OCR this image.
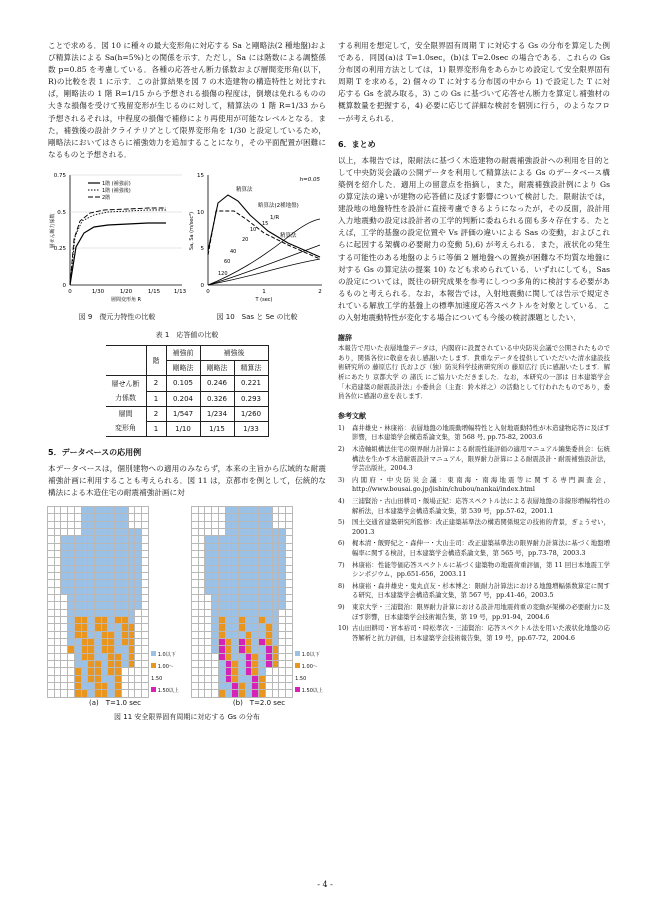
ことで求める．図 10 に種々の最大変形角に対応する Sa と剛略法(2 種地盤)および精算法による Sa(h=5%)との関係を示す．ただし，Sa には階数による調整係数 p=0.85 を考慮している．各種の応答せん断力係数および層間変形角(以下，R)の比較を表 1 に示す．この計算結果を図 7 の木造建物の構造特性と対比すれば，剛略法の 1 階 R=1/15 から予想される損傷の程度は，倒壊は免れるものの大きな損傷を受けて残留変形が生じるのに対して，精算法の 1 階 R=1/33 から予想されるそれは，中程度の損傷で補修により再使用が可能なレベルとなる．また，補強後の設計クライテリアとして限界変形角を 1/30 と設定しているため，剛略法においてはさらに補強効力を追加することになり，その平面配置が困難になるものと予想される．

0
0.25
0.5
0.75
0	1/30	1/20	1/15 1/13
層間変形角 R
層せん断力係数
1階 (補強前)
1階 (補強後)
2階
図 9　復元力特性の比較
0
5
10
15
0	1	2
T (sec)
Sa, Sa (m/sec²)
h=0.05
精算法
略算法(2種地盤)
1/R
15
10
精算法
20
40
60
120
図 10　Sas と Se の比較
表 1　応答値の比較
	階	補強前	補強後	
		剛略法	剛略法	精算法
層せん断	2	0.105	0.246	0.221
力係数	1	0.204	0.326	0.293
層間	2	1/547	1/234	1/260
変形角	1	1/10	1/15	1/33
5．データベースの応用例

本データベースは，個別建物への適用のみならず，本来の主旨から広域的な耐震補強計画に利用することも考えられる．図 11 は，京都市を例として，伝統的な構法による木造住宅の耐震補強計画に対

1.0以下
1.00～1.50
1.50以上
(a)　T=1.0 sec
1.0以下
1.00～1.50
1.50以上
(b)　T=2.0 sec
図 11 安全限界固有周期に対応する Gs の分布

する利用を想定して，安全限界固有周期 T に対応する Gs の分布を算定した例である．同図(a)は T=1.0sec，(b)は T=2.0sec の場合である．これらの Gs 分布図の利用方法としては，1) 限界変形角をあらかじめ設定して安全限界固有周期 T を求める，2) 個々の T に対する分布図の中から 1) で設定した T に対応する Gs を読み取る，3) この Gs に基づいて応答せん断力を算定し補強材の概算数量を把握する，4) 必要に応じて詳細な検討を個別に行う，のようなフローが考えられる．

6．まとめ

以上，本報告では，限耐法に基づく木造建物の耐震補強設計への利用を目的として中央防災会議の公開データを利用して精算法による Gs のデータベース構築例を紹介した．適用上の留意点を指摘し，また，耐震補強設計例により Gs の算定法の違いが建物の応答値に及ぼす影響について検討した．限耐法では，建設地の地盤特性を設計に直接考慮できるようになったが，その反面，設計用入力地震動の設定は設計者の工学的判断に委ねられる面も多々存在する．たとえば，工学的基盤の設定位置や Vs 評価の違いによる Sas の変動，およびこれらに起因する架構の必要耐力の変動 5),6) が考えられる．また，液状化の発生する可能性のある地盤のように等価 2 層地盤への置換が困難な不均質な地盤に対する Gs の算定法の提案 10) なども求められている．いずれにしても，Sas の設定については，既往の研究成果を参考にしつつ多角的に検討する必要があるものと考えられる．なお，本報告では，入射地震動に関しては告示で規定されている解放工学的基盤上の標準加速度応答スペクトルを対象としている．この入射地震動特性が変化する場合についても今後の検討課題としたい．

謝辞

本報告で用いた表層地盤データは，内閣府に設置されている中央防災会議で公開されたものであり，関係各位に敬意を表し感謝いたします．貴重なデータを提供していただいた清水建設技術研究所の 藤原広行 氏および（独）防災科学技術研究所の 藤原広行 氏に感謝いたします．解析にあたり 京都大学 の 諸氏 にご協力いただきました．なお，本研究の一部は 日本建築学会「木造建築の耐震設計法」小委員会（主査：鈴木祥之）の活動として行われたものであり，委員各位に感謝の意を表します．

参考文献
1)	森井雄史・林康裕：表層地盤の地震動増幅特性と入射地震動特性が木造建物応答に及ぼす影響，日本建築学会構造系論文集，第 568 号, pp.75-82, 2003.6
2)	木造軸組構法住宅の限界耐力計算による耐震性能評価の適用マニュアル編集委員会：伝統構法を生かす木造耐震設計マニュアル，限界耐力計算による耐震設計・耐震補強設計法，学芸出版社，2004.3
3)	内閣府・中央防災会議：東南海・南海地震等に関する専門調査会，http://www.bousai.go.jp/jishin/chubou/nankai/index.html
4)	三浦賢治・古山田耕司・飯場正紀：応答スペクトル法による表層地盤の非線形増幅特性の解析法，日本建築学会構造系論文集，第 539 号，pp.57-62，2001.1
5)	国土交通省建築研究所監修：改正建築基準法の構造関係規定の技術的背景，ぎょうせい，2001.3
6)	梶本清・飯野紀之・森伸一・大山圭司：改正建築基準法の限界耐力計算法に基づく地盤増幅率に関する検討，日本建築学会構造系論文集，第 565 号，pp.73-78，2003.3
7)	林康裕：性能等価応答スペクトルに基づく建築物の地震荷重評価，第 11 回日本地震工学シンポジウム，pp.651-656，2003.11
8)	林康裕・森井雄史・鬼丸貞友・杉本博之：限耐力計算法における地盤増幅係数算定に関する研究，日本建築学会構造系論文集，第 567 号，pp.41-46，2003.5
9)	東京大学・三浦賢治：限界耐力計算における設計用地震荷重の変動が架構の必要耐力に及ぼす影響，日本建築学会技術報告集，第 19 号，pp.91-94，2004.6
10) 古山田耕司・宮本裕司・時松孝次・三浦賢治：応答スペクトル法を用いた液状化地盤の応答解析と抗力評価，日本建築学会技術報告集，第 19 号，pp.67-72，2004.6
- 4 -
